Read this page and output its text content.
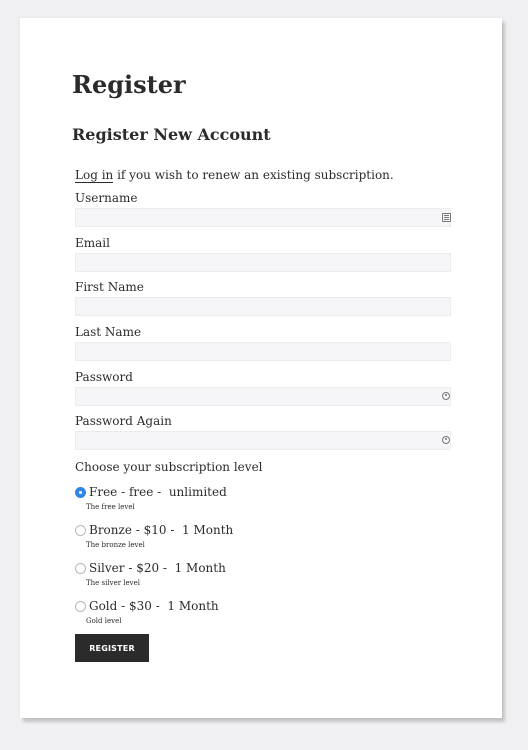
Register
Register New Account
Log in if you wish to renew an existing subscription.
Username
Email
First Name
Last Name
Password
Password Again
Choose your subscription level
Free - free -  unlimited
The free level
Bronze - $10 -  1 Month
The bronze level
Silver - $20 -  1 Month
The silver level
Gold - $30 -  1 Month
Gold level
REGISTER
